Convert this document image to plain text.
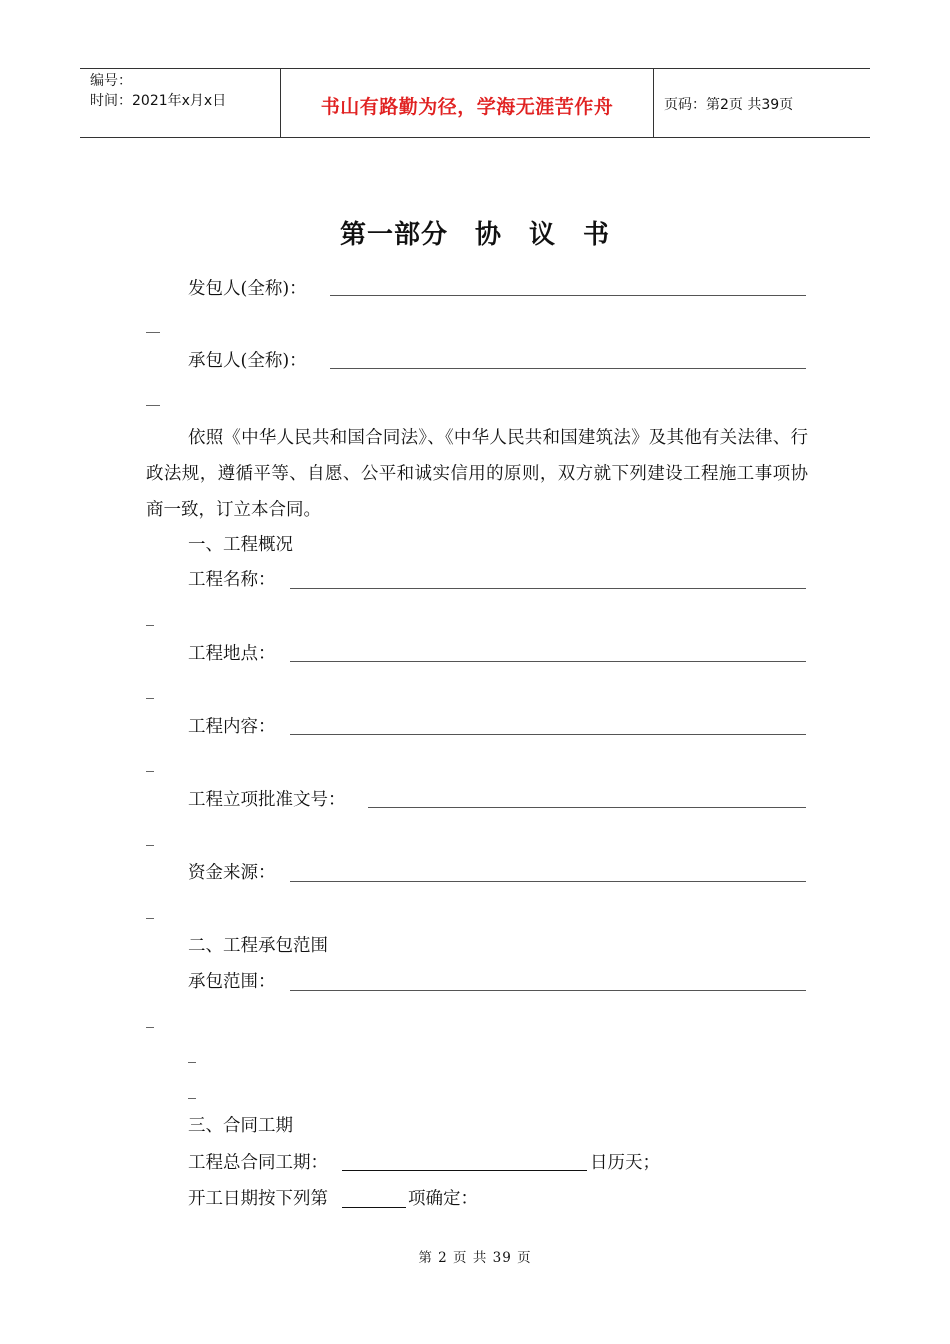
编号：
时间：2021年x月x日	书山有路勤为径，学海无涯苦作舟	页码：第2页 共39页
第一部分　协　议　书
发包人(全称)：
承包人(全称)：
依照《中华人民共和国合同法》、《中华人民共和国建筑法》及其他有关法律、行政法规，遵循平等、自愿、公平和诚实信用的原则，双方就下列建设工程施工事项协商一致，订立本合同。
一、工程概况
工程名称：
工程地点：
工程内容：
工程立项批准文号：
资金来源：
二、工程承包范围
承包范围：
三、合同工期
工程总合同工期：	日历天；
开工日期按下列第	项确定：
第 2 页 共 39 页
